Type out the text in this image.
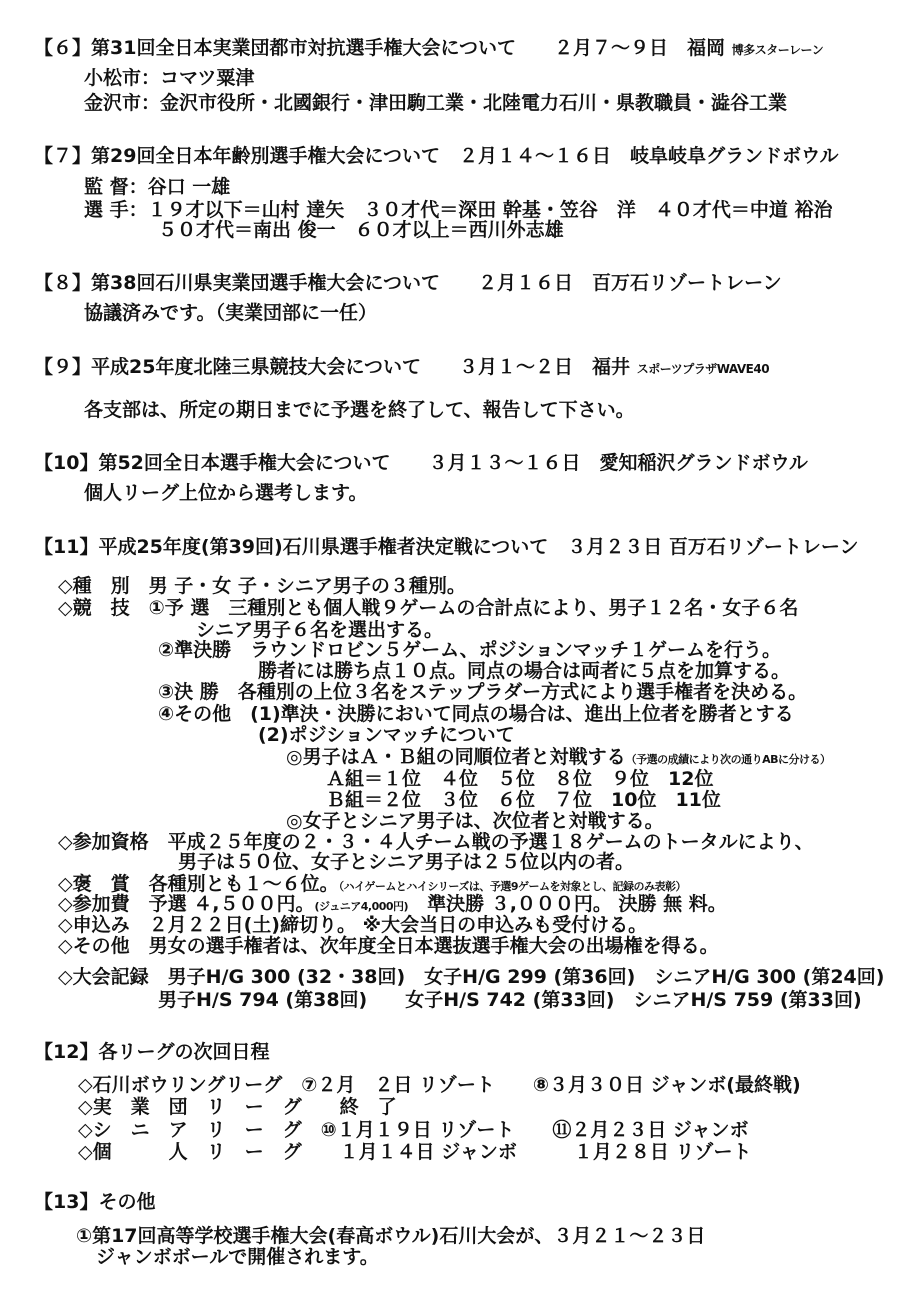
【６】第31回全日本実業団都市対抗選手権大会について　　２月７～９日　福岡 博多スターレーン
小松市：コマツ粟津
金沢市：金沢市役所・北國銀行・津田駒工業・北陸電力石川・県教職員・澁谷工業
【７】第29回全日本年齢別選手権大会について　２月１４～１６日　岐阜岐阜グランドボウル
監 督：谷口 一雄
選 手：１９才以下＝山村 達矢　３０才代＝深田 幹基・笠谷　洋　４０才代＝中道 裕治
５０才代＝南出 俊一　６０才以上＝西川外志雄
【８】第38回石川県実業団選手権大会について　　２月１６日　百万石リゾートレーン
協議済みです。（実業団部に一任）
【９】平成25年度北陸三県競技大会について　　３月１～２日　福井 スポーツプラザWAVE40
各支部は、所定の期日までに予選を終了して、報告して下さい。
【10】第52回全日本選手権大会について　　３月１３～１６日　愛知稲沢グランドボウル
個人リーグ上位から選考します。
【11】平成25年度(第39回)石川県選手権者決定戦について　３月２３日 百万石リゾートレーン
◇種　別　男 子・女 子・シニア男子の３種別。
◇競　技　①予 選　三種別とも個人戦９ゲームの合計点により、男子１２名・女子６名
シニア男子６名を選出する。
②準決勝　ラウンドロビン５ゲーム、ポジションマッチ１ゲームを行う。
勝者には勝ち点１０点。同点の場合は両者に５点を加算する。
③決 勝　各種別の上位３名をステップラダー方式により選手権者を決める。
④その他　(1)準決・決勝において同点の場合は、進出上位者を勝者とする
(2)ポジションマッチについて
◎男子はＡ・Ｂ組の同順位者と対戦する（予選の成績により次の通りABに分ける）
Ａ組＝１位　４位　５位　８位　９位　12位
Ｂ組＝２位　３位　６位　７位　10位　11位
◎女子とシニア男子は、次位者と対戦する。
◇参加資格　平成２５年度の２・３・４人チーム戦の予選１８ゲームのトータルにより、
男子は５０位、女子とシニア男子は２５位以内の者。
◇褒　賞　各種別とも１～６位。（ハイゲームとハイシリーズは、予選9ゲームを対象とし、記録のみ表彰）
◇参加費　予選 ４,５００円。(ジュニア4,000円)　準決勝 ３,０００円。 決勝 無 料。
◇申込み　２月２２日(土)締切り。 ※大会当日の申込みも受付ける。
◇その他　男女の選手権者は、次年度全日本選抜選手権大会の出場権を得る。
◇大会記録　男子H/G 300 (32・38回)　女子H/G 299 (第36回)　シニアH/G 300 (第24回)
男子H/S 794 (第38回)　　女子H/S 742 (第33回)　シニアH/S 759 (第33回)
【12】各リーグの次回日程
◇石川ボウリングリーグ　⑦２月　２日 リゾート　　⑧３月３０日 ジャンボ(最終戦)
◇実　業　団　リ　ー　グ　　終　了
◇シ　ニ　ア　リ　ー　グ　⑩１月１９日 リゾート　　⑪２月２３日 ジャンボ
◇個　　　人　リ　ー　グ　　１月１４日 ジャンボ　　　１月２８日 リゾート
【13】その他
①第17回高等学校選手権大会(春高ボウル)石川大会が、３月２１～２３日
ジャンボボールで開催されます。
